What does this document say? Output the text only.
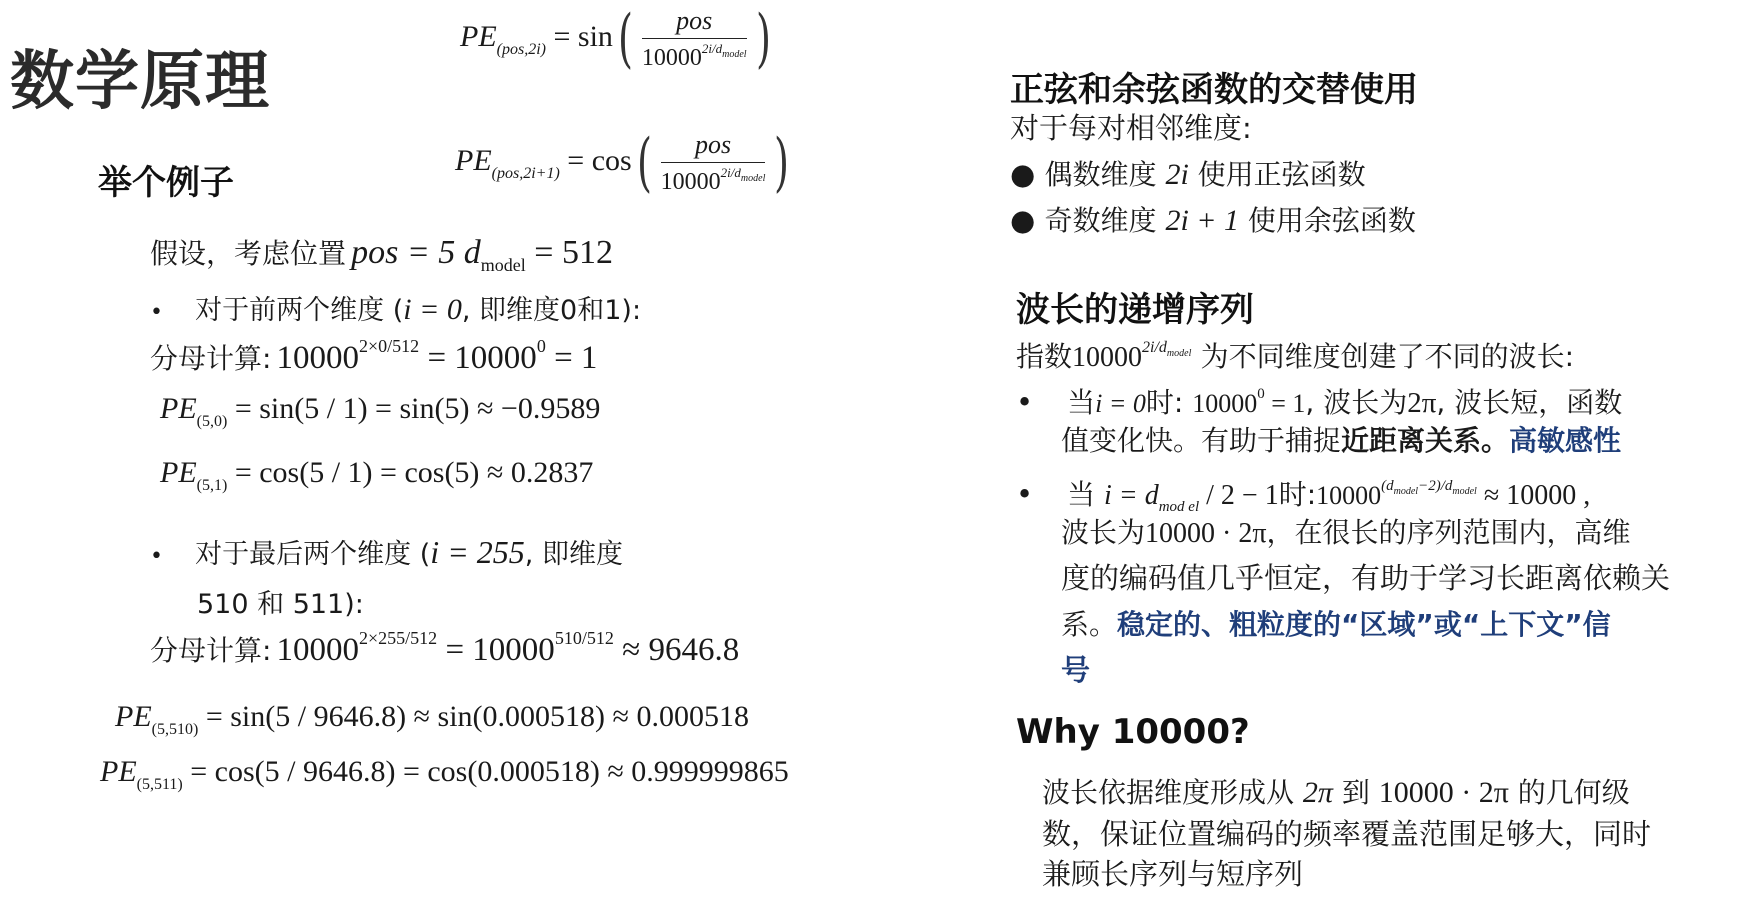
数学原理
$PE_{(pos,2i)} = \sin( \frac{\text{pos}}{10000^{2i/dmodel}}$ )
举个例子
$PE_{(pos,2i+1)} = \cos( \frac{\text{pos}}{10000^{2i/dmodel}}$ )
假设，考虑位置 pos = 5 dmodel = 512
• 对于前两个维度 (i = 0, 即维度0和1):
分母计算: 100002×0/512 = 100000 = 1
$PE_{(5,0)} = \sin(5 / 1) = \sin(5) \approx -0.9589$
$PE_{(5,1)} = \cos(5 / 1) = \cos(5) \approx 0.2837$
• 对于最后两个维度 (i = 255, 即维度
510 和 511):
分母计算: 100002×255/512 = 10000510/512 ≈ 9646.8
$PE_{(5,510)} = \sin(5 / 9646.8) \approx \sin(0.000518) \approx 0.000518$
$PE_{(5,511)} = \cos(5 / 9646.8) = \cos(0.000518) \approx 0.999999865$
正弦和余弦函数的交替使用
对于每对相邻维度:
● 偶数维度 2i 使用正弦函数
● 奇数维度 2i + 1 使用余弦函数
波长的递增序列
指数$10000^{2i/dmodel}$ 为不同维度创建了不同的波长:
• 当i = 0时: $10000^0 = 1$, 波长为2π, 波长短，函数
值变化快。有助于捕捉近距离关系。高敏感性
• 当 $i = d_{mod el} / 2 - 1$时$:10000^{(dmodel-2)/dmodel} \approx 10000$ ,
波长为10000 · 2π，在很长的序列范围内，高维
度的编码值几乎恒定，有助于学习长距离依赖关
系。稳定的、粗粒度的“区域”或“上下文”信
号
Why 10000?
波长依据维度形成从 2π 到 10000 · 2π 的几何级
数，保证位置编码的频率覆盖范围足够大，同时
兼顾长序列与短序列
